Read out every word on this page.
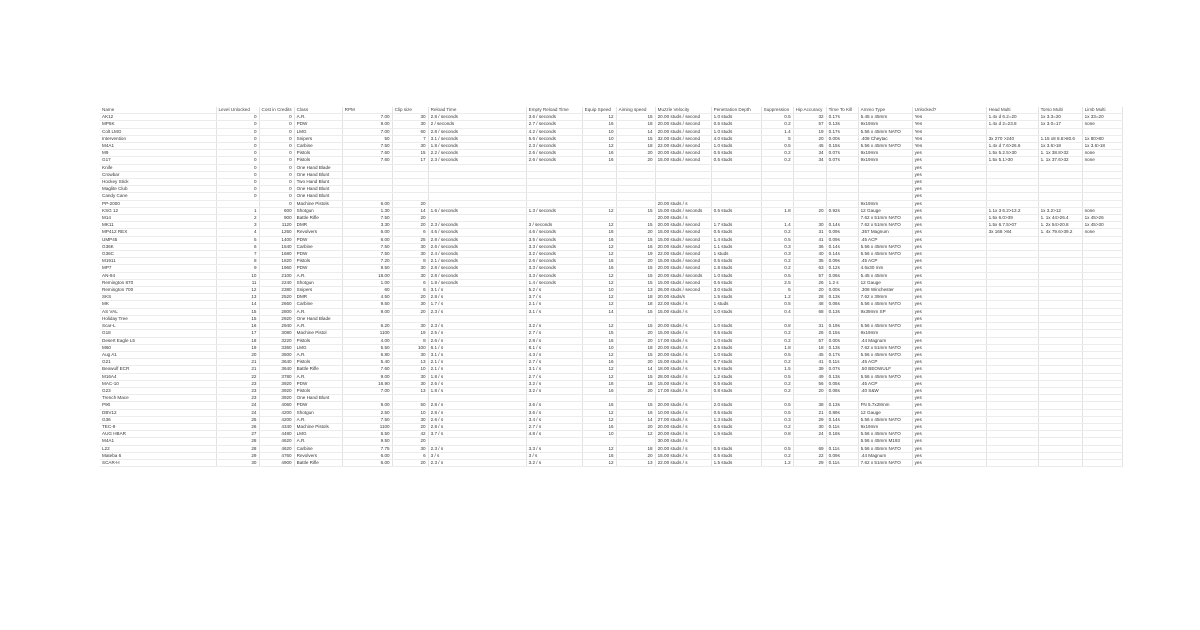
Name	Level Unlocked	Cost in Credits	Class	RPM	Clip size	Reload Time	Empty Reload Time	Equip Speed	Aiming speed	Muzzle Velocity	Penetration Depth	Suppression	Hip Accuracy	Time To Kill	Ammo Type	Unlocked?	Head Multi	Torso Multi	Limb Multi
AK12	0	0	A.R.	7.00	30	2.8 / seconds	3.6 / seconds	12	15	20.00 studs / second	1.0 studs	0.5	32	0.17s	5.45 x 45mm	Yes	1.4x d 6.2=20	1x 3.3=20	1x 33=20
MP5K	0	0	PDW	9.00	30	2 / seconds	2.7 / seconds	16	18	20.00 studs / second	0.5 studs	0.2	57	0.13s	9x19mm	Yes	1.4x d 2=23.8	1x 3.0=17	none
Colt LMG	0	0	LMG	7.00	60	2.8 / seconds	4.2 / seconds	10	14	20.00 studs / second	1.0 studs	1.4	19	0.17s	5.56 x 45mm NATO	Yes			
Intervention	0	0	Snipers	50	7	3.1 / seconds	5.6 / seconds	10	15	32.00 studs / second	4.0 studs	5	20	0.00s	.408 Cheytac	Yes	3x 270 >240	1.15 x8 8.6>80.6	1x 80>80
M4A1	0	0	Carbine	7.50	30	1.8 / seconds	2.3 / seconds	12	18	22.00 studs / second	1.0 studs	0.5	45	0.15s	5.56 x 45mm NATO	Yes	1.4x d 7.6>26.6	1x 3.6>18	1x 3.6>18
M9	0	0	Pistols	7.60	15	2.2 / seconds	2.6 / seconds	16	20	20.00 studs / second	0.5 studs	0.2	34	0.07s	9x19mm	yes	1.5x 5.2.5>30	1. 1x 38.8>32	none
G17	0	0	Pistols	7.60	17	2.3 / seconds	2.6 / seconds	16	20	15.00 studs / second	0.5 studs	0.2	34	0.07s	9x19mm	yes	1.5x 5.1>30	1. 1x 37.6>32	none
Knife	0	0	One Hand Blade													yes			
Crowbar	0	0	One Hand Blunt													yes			
Hockey Stick	0	0	Two Hand Blunt													yes			
Maglite Club	0	0	One Hand Blunt													yes			
Candy Cane	0	0	One Hand Blunt													yes			
PP-2000		0	Machine Pistols	6.00	20					20.00 studs / s					9x19mm	yes			
KSG 12	1	600	Shotgun	1.30	14	1.6 / seconds	1.3 / seconds	12	15	15.00 studs / seconds	0.5 studs	1.8	20	0.92s	12 Gauge	yes	1.1x 3 6.2>13.2	1x 3.2>12	none
M14	2	900	Battle Rifle	7.50	20					20.00 studs / s					7.62 x 51mm NATO	yes	1.5x 6.0>39	1. 1x 44>26.4	1x 45>26
MK11	3	1120	DMR	3.30	20	2.3 / seconds	3 / seconds	12	15	20.00 studs / second	1.7 studs	1.4	30	0.14s	7.62 x 51mm NATO	yes	1.5x 6.7.5>07	1. 2x 54>20.8	1x 45>30
MP412 REX	4	1260	Revolvers	6.00	6	4.6 / seconds	4.6 / seconds	16	20	15.00 studs / second	0.5 studs	0.2	31	0.09s	.357 Magnum	yes	3x 168 >84	1. 4x 79.6>39.2	none
UMP45	5	1400	PDW	6.00	25	2.8 / seconds	3.5 / seconds	16	15	15.00 studs / second	1.4 studs	0.5	41	0.09s	.45 ACP	yes			
G36K	6	1540	Carbine	7.50	30	2.6 / seconds	3.3 / seconds	12	16	20.00 studs / second	1.1 studs	0.3	36	0.14s	5.56 x 45mm NATO	yes			
G36C	7	1680	PDW	7.50	30	2.4 / seconds	3.2 / seconds	12	19	22.00 studs / second	1 studs	0.3	40	0.14s	5.56 x 45mm NATO	yes			
M1911	8	1820	Pistols	7.20	8	2.1 / seconds	2.6 / seconds	16	20	15.00 studs / second	0.5 studs	0.2	35	0.09s	.45 ACP	yes			
MP7	9	1960	PDW	9.50	30	2.8 / seconds	3.3 / seconds	16	15	20.00 studs / second	1.8 studs	0.2	63	0.12s	4.6x30 mm	yes			
AN-94	10	2100	A.R.	18.00	30	2.8 / seconds	3.3 / seconds	12	15	20.00 studs / seconds	1.0 studs	0.5	57	0.06s	5.45 x 45mm	yes			
Remington 870	11	2240	Shotgun	1.00	6	1.8 / seconds	1.4 / seconds	12	15	15.00 studs / second	0.5 studs	2.5	26	1.2 s	12 Gauge	yes			
Remington 700	12	2380	Snipers	60	6	3.1 / s	5.2 / s	10	13	26.00 studs / second	3.0 studs	5	20	0.00s	.308 Winchester	yes			
SKS	13	2520	DMR	4.50	20	2.8 / s	3.7 / s	12	18	20.00 studs/s	1.5 studs	1.2	28	0.13s	7.62 x 39mm	yes			
MK	14	2660	Carbine	9.50	30	1.7 / s	2.1 / s	12	18	22.00 studs / s	1 studs	0.5	48	0.06s	5.56 x 45mm NATO	yes			
AS VAL	15	2800	A.R.	9.00	20	2.3 / s	3.1 / s	14	15	15.00 studs / s	1.0 studs	0.4	68	0.13s	9x39mm SP	yes			
Holiday Tree	15	2920	One Hand Blade													yes			
Scar-L	16	2940	A.R.	6.20	30	2.3 / s	3.2 / s	12	15	20.00 studs / s	1.0 studs	0.8	31	0.19s	5.56 x 45mm NATO	yes			
G18	17	3080	Machine Pistol	1100	19	2.5 / s	2.7 / s	15	20	15.00 studs / s	0.5 studs	0.2	26	0.15s	9x19mm	yes			
Desert Eagle L5	18	3220	Pistols	4.00	8	2.6 / s	2.8 / s	16	20	17.00 studs / s	1.0 studs	0.2	57	0.00s	.44 Magnum	yes			
M60	19	3360	LMG	5.50	100	6.1 / s	8.1 / s	10	18	20.00 studs / s	2.5 studs	1.8	18	0.13s	7.62 x 51mm NATO	yes			
Aug A1	20	3500	A.R.	6.80	30	3.1 / s	4.3 / s	12	15	20.00 studs / s	1.0 studs	0.5	45	0.17s	5.56 x 45mm NATO	yes			
G21	21	3640	Pistols	5.40	13	2.1 / s	2.7 / s	16	20	15.00 studs / s	0.7 studs	0.2	41	0.11s	.45 ACP	yes			
Beowulf ECR	21	3640	Battle Rifle	7.60	10	2.1 / s	3.1 / s	12	14	18.00 studs / s	1.9 studs	1.5	39	0.07s	.50 BEOWULF	yes			
M16A4	22	3780	A.R.	9.00	30	1.8 / s	2.7 / s	12	15	28.00 studs / s	1.2 studs	0.5	49	0.13s	5.56 x 45mm NATO	yes			
MAC-10	23	3920	PDW	16.90	30	2.6 / s	3.2 / s	16	18	15.00 studs / s	0.5 studs	0.2	56	0.05s	.45 ACP	yes			
G23	23	3920	Pistols	7.00	13	1.8 / s	3.2 / s	16	20	17.00 studs / s	0.8 studs	0.2	20	0.08s	.40 S&W	yes			
Trench Mace	23	3920	One Hand Blunt													yes			
P90	24	4060	PDW	9.00	50	2.8 / s	3.6 / s	16	15	20.00 studs / s	2.0 studs	0.5	38	0.13s	FN 5.7x28mm	yes			
DBV12	24	4200	Shotgun	2.50	10	2.8 / s	3.6 / s	12	16	10.00 studs / s	0.5 studs	0.5	21	0.89s	12 Gauge	yes			
G36	25	4200	A.R.	7.50	30	2.6 / s	3.4 / s	12	14	27.00 studs / s	1.3 studs	0.3	29	0.14s	5.56 x 45mm NATO	yes			
TEC-9	26	4340	Machine Pistols	1100	20	2.8 / s	2.7 / s	16	20	20.00 studs / s	0.5 studs	0.2	30	0.11s	9x19mm	yes			
AUG HBAR	27	4480	LMG	6.50	42	3.7 / s	4.8 / s	10	12	20.00 studs / s	1.5 studs	0.8	24	0.18s	5.56 x 45mm NATO	yes			
M4A1	28	4620	A.R.	9.50	20					30.00 studs / s					5.56 x 45mm M193	yes			
L22	28	4620	Carbine	7.75	30	2.3 / s	3.3 / s	12	18	20.00 studs / s	0.5 studs	0.5	69	0.11s	5.56 x 45mm NATO	yes			
Mateba 6	29	4760	Revolvers	6.00	6	3 / s	3 / s	16	20	15.00 studs / s	0.5 studs	0.2	22	0.09s	.44 Magnum	yes			
SCAR-H	30	4900	Battle Rifle	6.00	20	2.3 / s	3.2 / s	12	13	22.00 studs / s	1.5 studs	1.2	29	0.11s	7.62 x 51mm NATO	yes			
